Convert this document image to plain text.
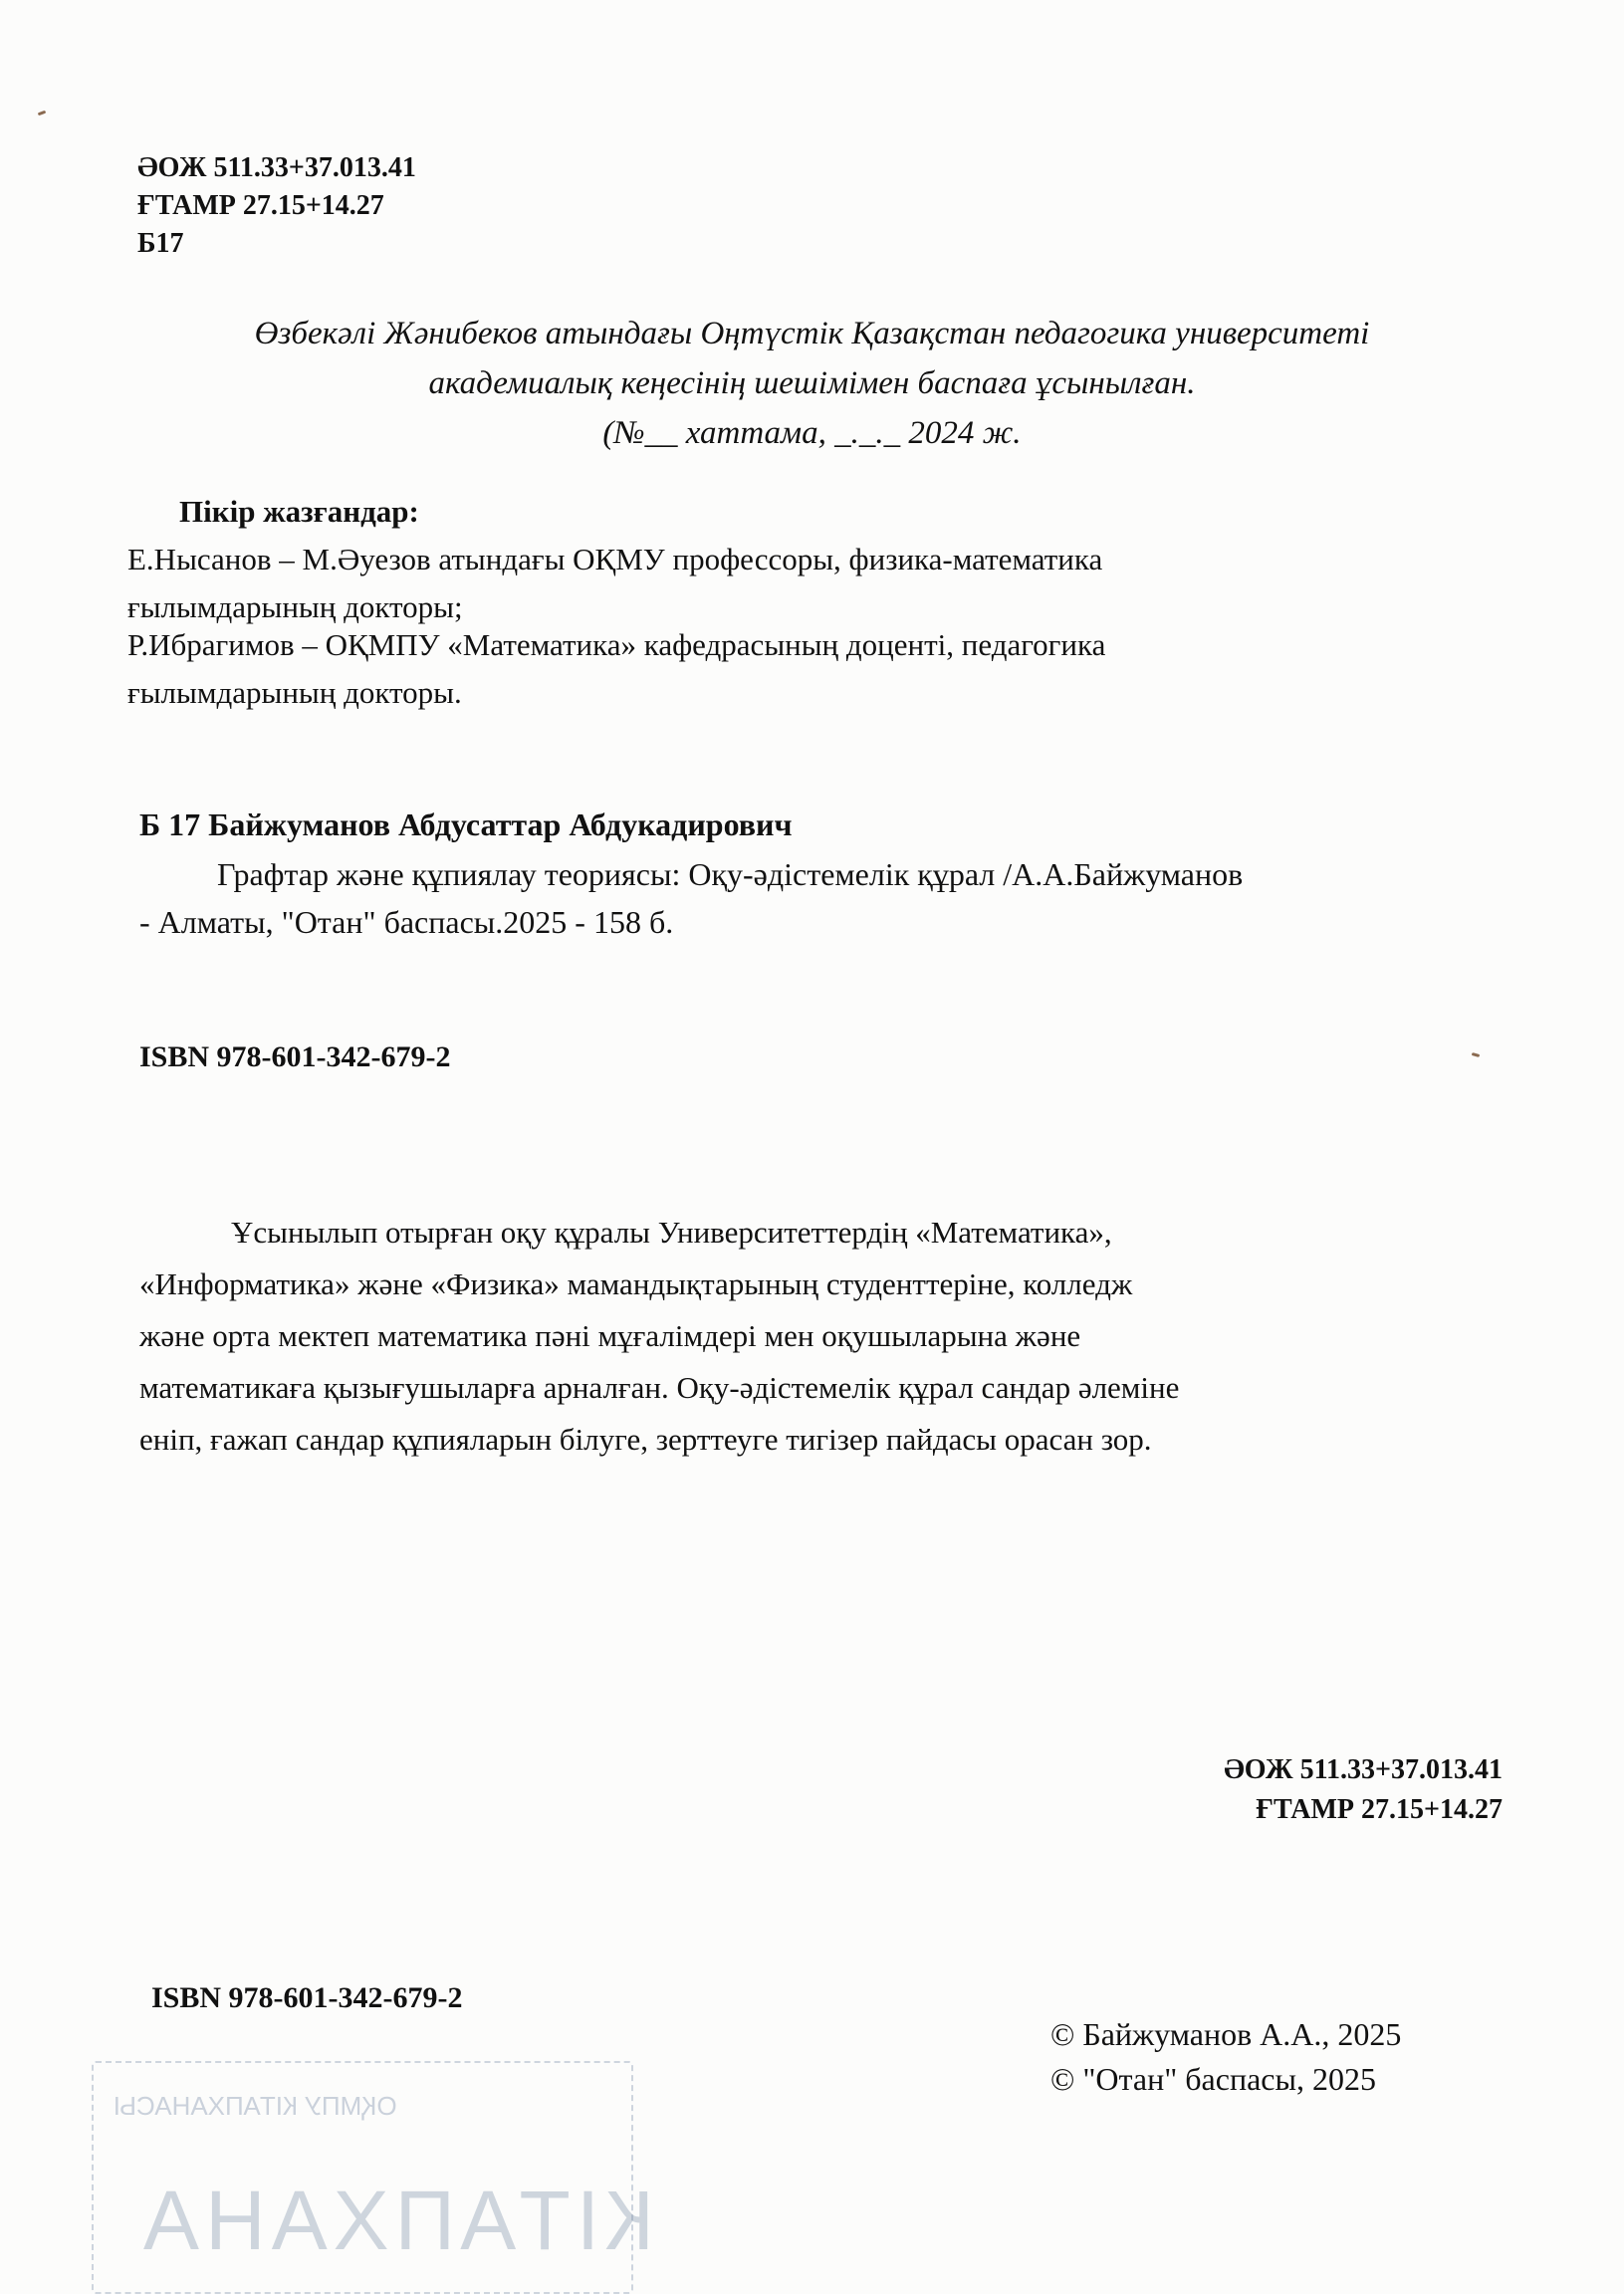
ӘОЖ 511.33+37.013.41
ҒТАМР 27.15+14.27
Б17
Өзбекәлі Жәнибеков атындағы Оңтүстік Қазақстан педагогика университеті
академиалық кеңесінің шешімімен баспаға ұсынылған.
(№__ хаттама, _._._ 2024 ж.
Пікір жазғандар:
Е.Нысанов – М.Әуезов атындағы ОҚМУ профессоры, физика-математика
ғылымдарының докторы;
Р.Ибрагимов – ОҚМПУ «Математика» кафедрасының доценті, педагогика
ғылымдарының докторы.
Б 17 Байжуманов Абдусаттар Абдукадирович
Графтар және құпиялау теориясы: Оқу-әдістемелік құрал /А.А.Байжуманов
- Алматы, "Отан" баспасы.2025 - 158 б.
ISBN 978-601-342-679-2
Ұсынылып отырған оқу құралы Университеттердің «Математика»,
«Информатика» және «Физика» мамандықтарының студенттеріне, колледж
және орта мектеп математика пәні мұғалімдері мен оқушыларына және
математикаға қызығушыларға арналған. Оқу-әдістемелік құрал сандар әлеміне
еніп, ғажап сандар құпияларын білуге, зерттеуге тигізер пайдасы орасан зор.
ӘОЖ 511.33+37.013.41
ҒТАМР 27.15+14.27
ISBN 978-601-342-679-2
© Байжуманов А.А., 2025
© "Отан" баспасы, 2025
ОҚМПУ КІТАПХАНАСЫ
КІТАПХАНА
